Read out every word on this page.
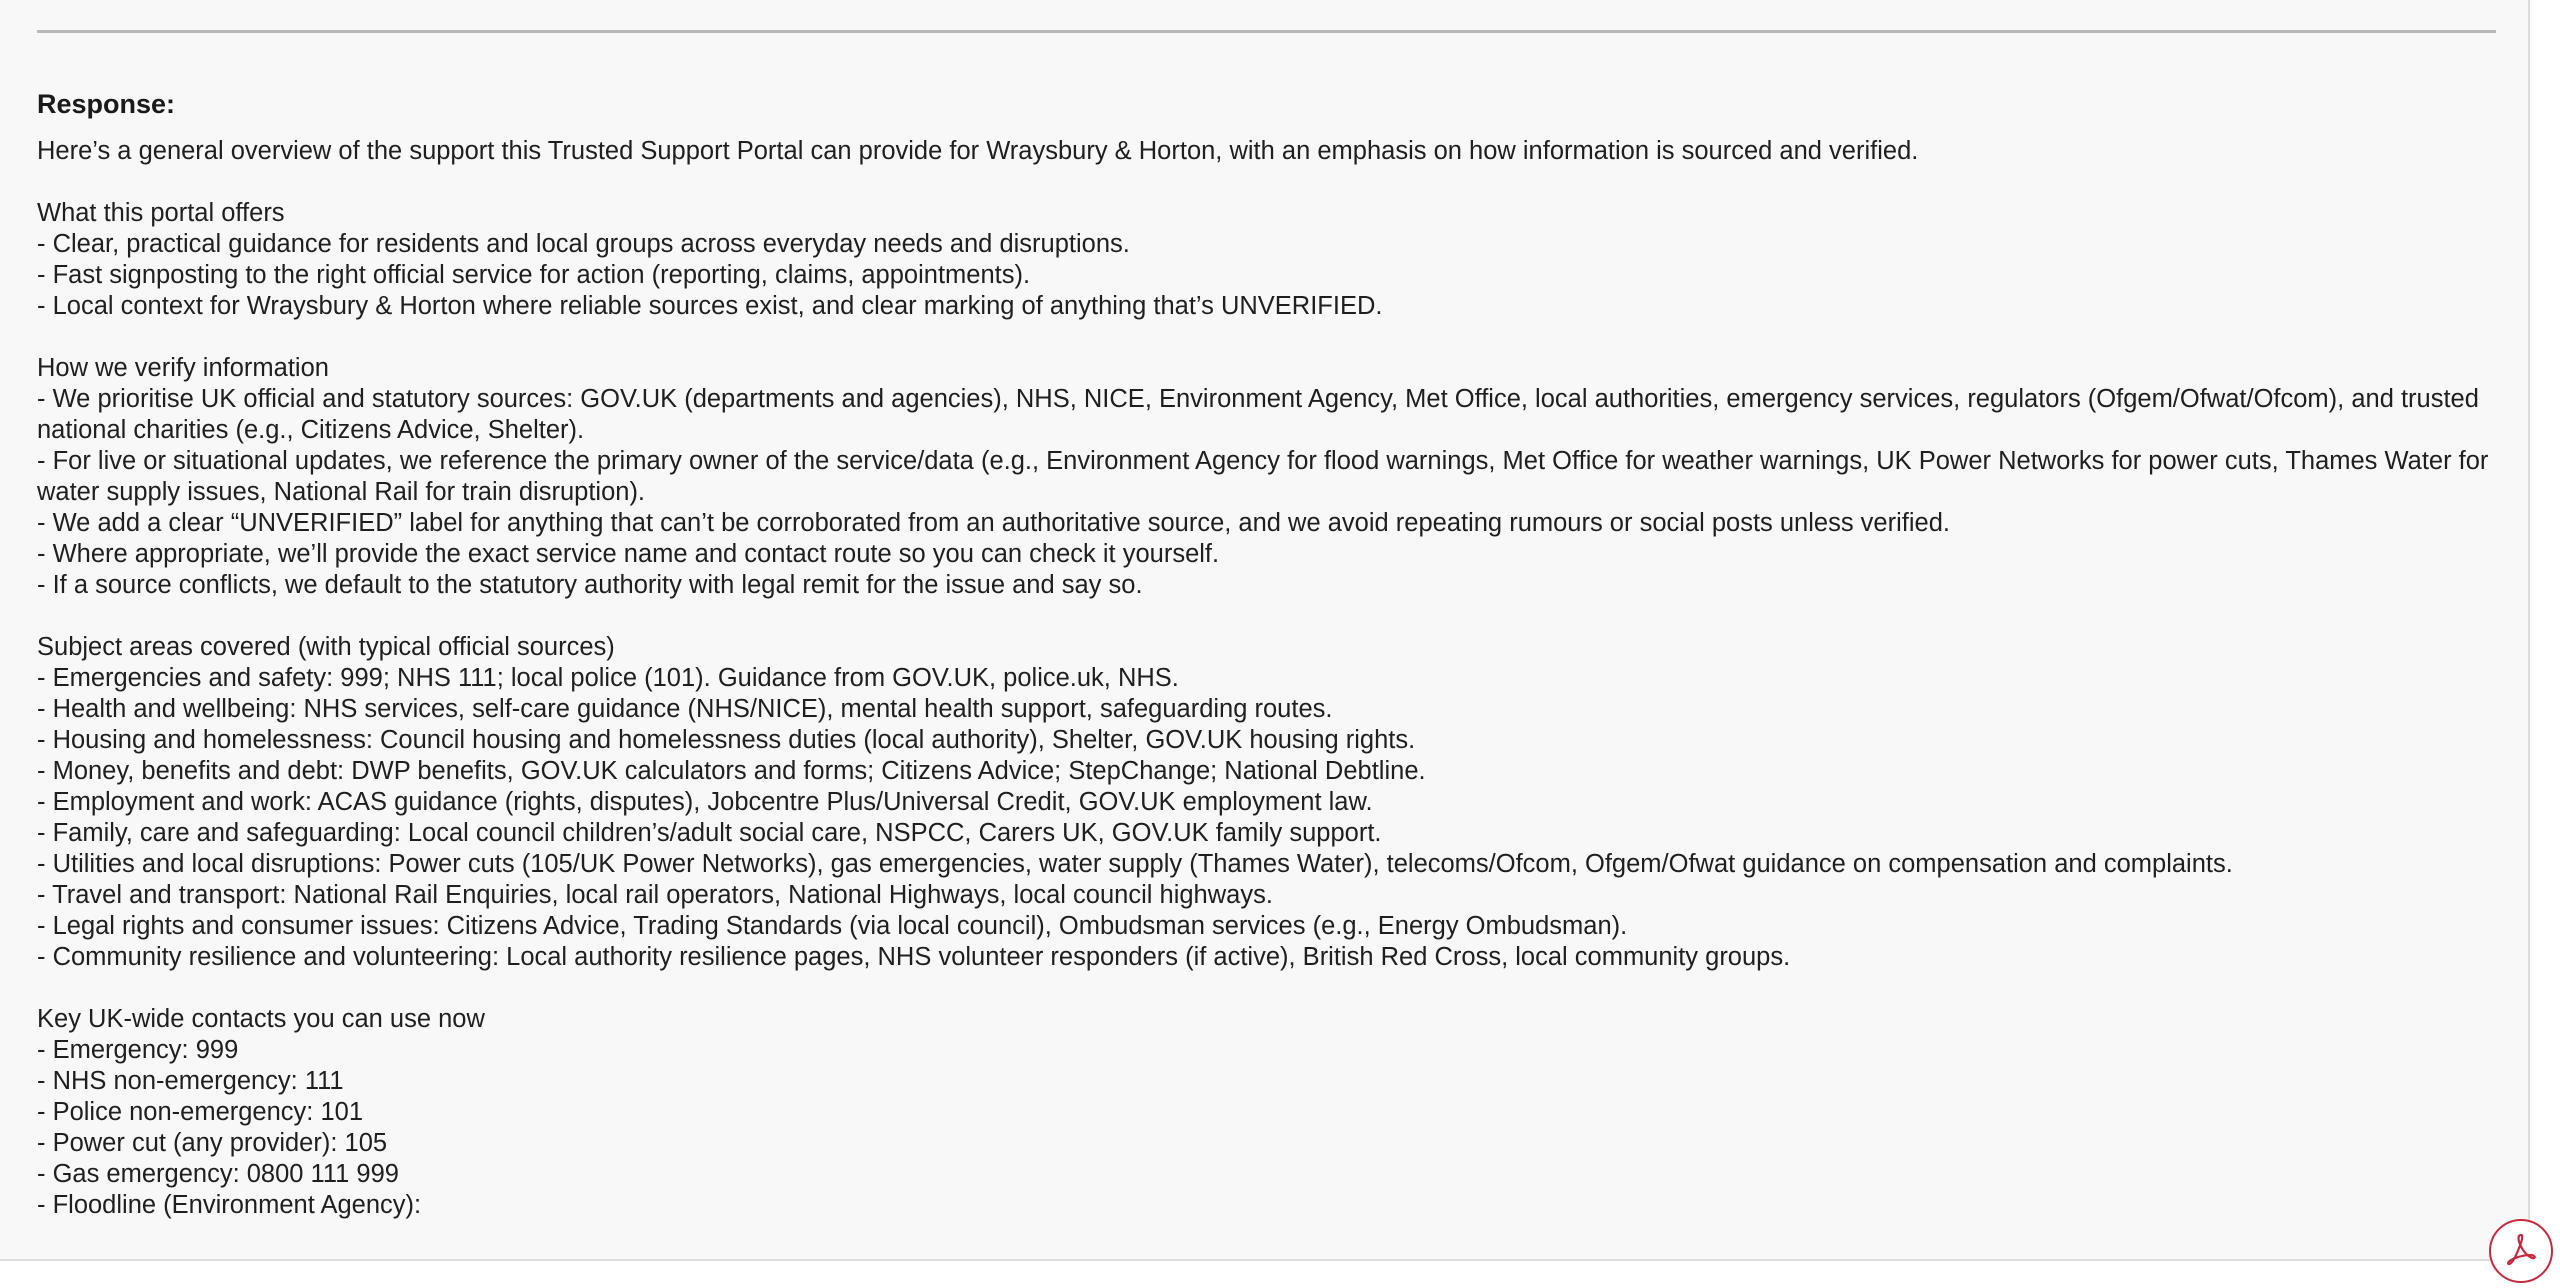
Response:

Here’s a general overview of the support this Trusted Support Portal can provide for Wraysbury & Horton, with an emphasis on how information is sourced and verified.

What this portal offers
- Clear, practical guidance for residents and local groups across everyday needs and disruptions.
- Fast signposting to the right official service for action (reporting, claims, appointments).
- Local context for Wraysbury & Horton where reliable sources exist, and clear marking of anything that’s UNVERIFIED.
How we verify information
- We prioritise UK official and statutory sources: GOV.UK (departments and agencies), NHS, NICE, Environment Agency, Met Office, local authorities, emergency services, regulators (Ofgem/Ofwat/Ofcom), and trusted national charities (e.g., Citizens Advice, Shelter).
- For live or situational updates, we reference the primary owner of the service/data (e.g., Environment Agency for flood warnings, Met Office for weather warnings, UK Power Networks for power cuts, Thames Water for water supply issues, National Rail for train disruption).
- We add a clear “UNVERIFIED” label for anything that can’t be corroborated from an authoritative source, and we avoid repeating rumours or social posts unless verified.
- Where appropriate, we’ll provide the exact service name and contact route so you can check it yourself.
- If a source conflicts, we default to the statutory authority with legal remit for the issue and say so.
Subject areas covered (with typical official sources)
- Emergencies and safety: 999; NHS 111; local police (101). Guidance from GOV.UK, police.uk, NHS.
- Health and wellbeing: NHS services, self-care guidance (NHS/NICE), mental health support, safeguarding routes.
- Housing and homelessness: Council housing and homelessness duties (local authority), Shelter, GOV.UK housing rights.
- Money, benefits and debt: DWP benefits, GOV.UK calculators and forms; Citizens Advice; StepChange; National Debtline.
- Employment and work: ACAS guidance (rights, disputes), Jobcentre Plus/Universal Credit, GOV.UK employment law.
- Family, care and safeguarding: Local council children’s/adult social care, NSPCC, Carers UK, GOV.UK family support.
- Utilities and local disruptions: Power cuts (105/UK Power Networks), gas emergencies, water supply (Thames Water), telecoms/Ofcom, Ofgem/Ofwat guidance on compensation and complaints.
- Travel and transport: National Rail Enquiries, local rail operators, National Highways, local council highways.
- Legal rights and consumer issues: Citizens Advice, Trading Standards (via local council), Ombudsman services (e.g., Energy Ombudsman).
- Community resilience and volunteering: Local authority resilience pages, NHS volunteer responders (if active), British Red Cross, local community groups.
Key UK-wide contacts you can use now
- Emergency: 999
- NHS non-emergency: 111
- Police non-emergency: 101
- Power cut (any provider): 105
- Gas emergency: 0800 111 999
- Floodline (Environment Agency):
